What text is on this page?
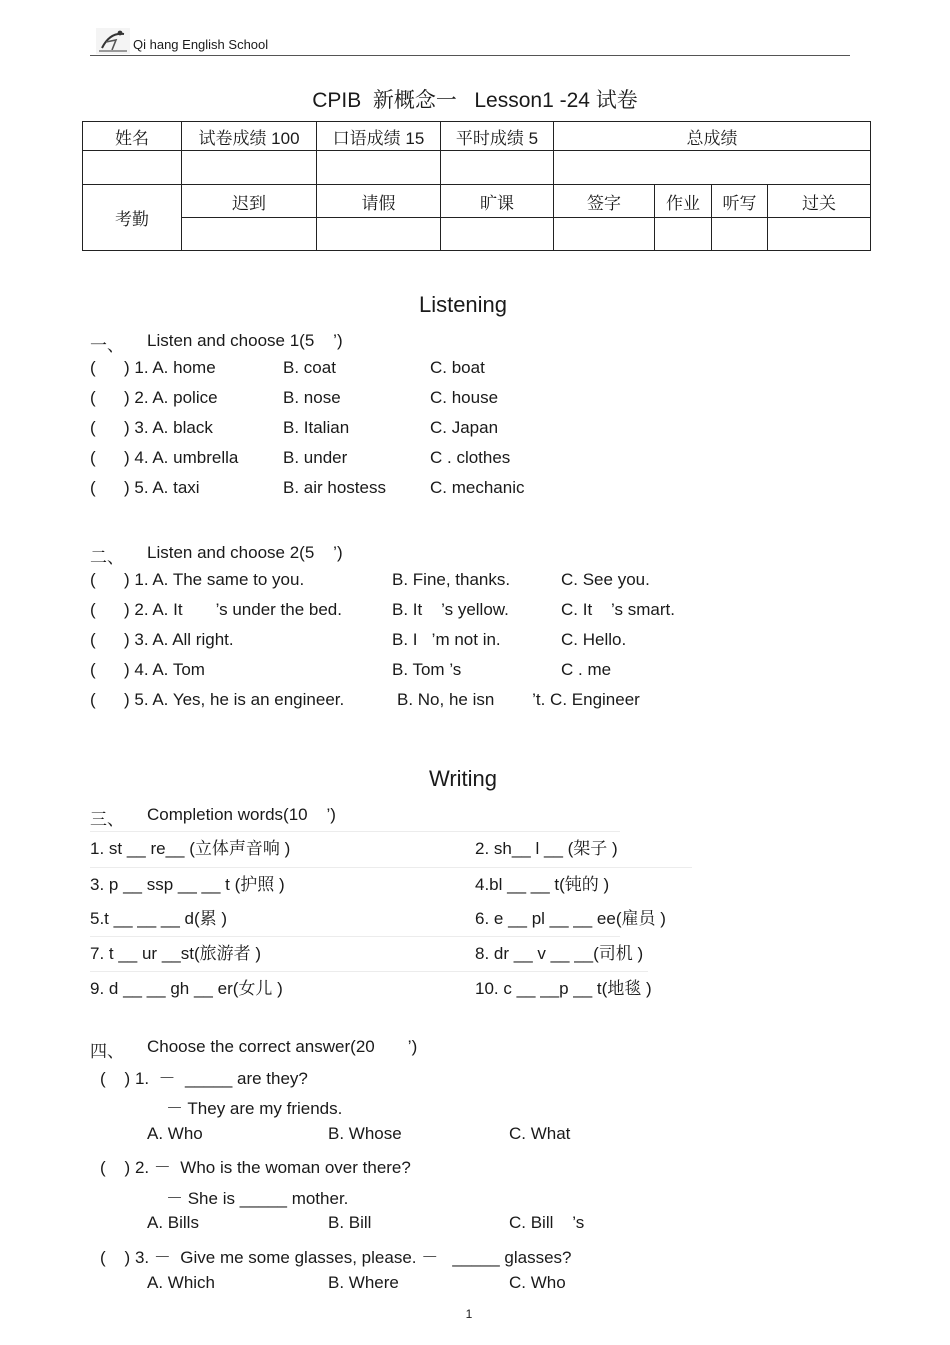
Qi hang English School
CPIB  新概念一   Lesson1 -24 试卷
姓名	试卷成绩 100	口语成绩 15	平时成绩 5	总成绩			

考勤	迟到	请假	旷课	签字	作业	听写	过关

Listening
一、 Listen and choose 1(5    ’)
(      ) 1. A. home	B. coat	C. boat
(      ) 2. A. police	B. nose	C. house
(      ) 3. A. black	B. Italian	C. Japan
(      ) 4. A. umbrella	B. under	C . clothes
(      ) 5. A. taxi	B. air hostess	C. mechanic
二、 Listen and choose 2(5    ’)
(      ) 1. A. The same to you.	B. Fine, thanks.	C. See you.
(      ) 2. A. It       ’s under the bed.	B. It    ’s yellow.	C. It    ’s smart.
(      ) 3. A. All right.	B. I   ’m not in.	C. Hello.
(      ) 4. A. Tom	B. Tom ’s	C . me
(      ) 5. A. Yes, he is an engineer.	B. No, he isn        ’t. C. Engineer
Writing
三、 Completion words(10    ’)
1. st __ re__ (立体声音响 )	2. sh__ l __ (架子 )
3. p __ ssp __ __ t (护照 )	4.bl __ __ t(钝的 )
5.t __ __ __ d(累 )	6. e __ pl __ __ ee(雇员 )
7. t __ ur __st(旅游者 )	8. dr __ v __ __(司机 )
9. d __ __ gh __ er(女儿 )	10. c __ __p __ t(地毯 )
四、 Choose the correct answer(20       ’)
(    ) 1.  －  _____ are they?
－ They are my friends.
A. Who	B. Whose	C. What
(    ) 2. －  Who is the woman over there?
－ She is _____ mother.
A. Bills	B. Bill	C. Bill    ’s
(    ) 3. －  Give me some glasses, please. －   _____ glasses?
A. Which	B. Where	C. Who
1
